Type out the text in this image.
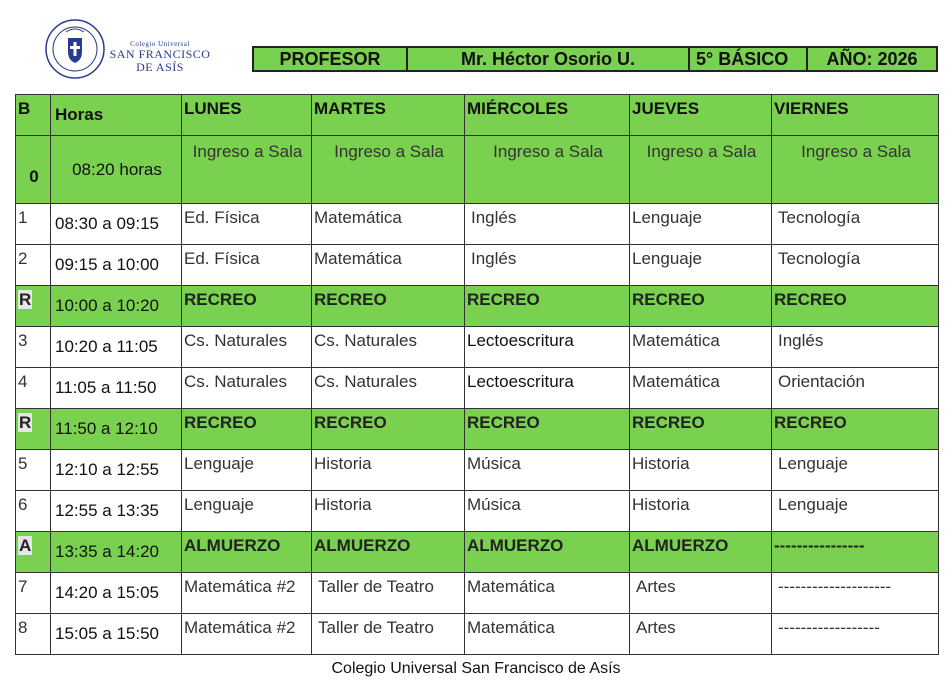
Colegio Universal
SAN FRANCISCO
DE ASÍS	PROFESOR	Mr. Héctor Osorio U.	5° BÁSICO	AÑO: 2026
B	Horas	LUNES	MARTES	MIÉRCOLES	JUEVES	VIERNES
0	08:20 horas	Ingreso a Sala	Ingreso a Sala	Ingreso a Sala	Ingreso a Sala	Ingreso a Sala
1	08:30 a 09:15	Ed. Física	Matemática	Inglés	Lenguaje	Tecnología
2	09:15 a 10:00	Ed. Física	Matemática	Inglés	Lenguaje	Tecnología
R	10:00 a 10:20	RECREO	RECREO	RECREO	RECREO	RECREO
3	10:20 a 11:05	Cs. Naturales	Cs. Naturales	Lectoescritura	Matemática	Inglés
4	11:05 a 11:50	Cs. Naturales	Cs. Naturales	Lectoescritura	Matemática	Orientación
R	11:50 a 12:10	RECREO	RECREO	RECREO	RECREO	RECREO
5	12:10 a 12:55	Lenguaje	Historia	Música	Historia	Lenguaje
6	12:55 a 13:35	Lenguaje	Historia	Música	Historia	Lenguaje
A	13:35 a 14:20	ALMUERZO	ALMUERZO	ALMUERZO	ALMUERZO	----------------
7	14:20 a 15:05	Matemática #2	Taller de Teatro	Matemática	Artes	--------------------
8	15:05 a 15:50	Matemática #2	Taller de Teatro	Matemática	Artes	------------------
Colegio Universal San Francisco de Asís
